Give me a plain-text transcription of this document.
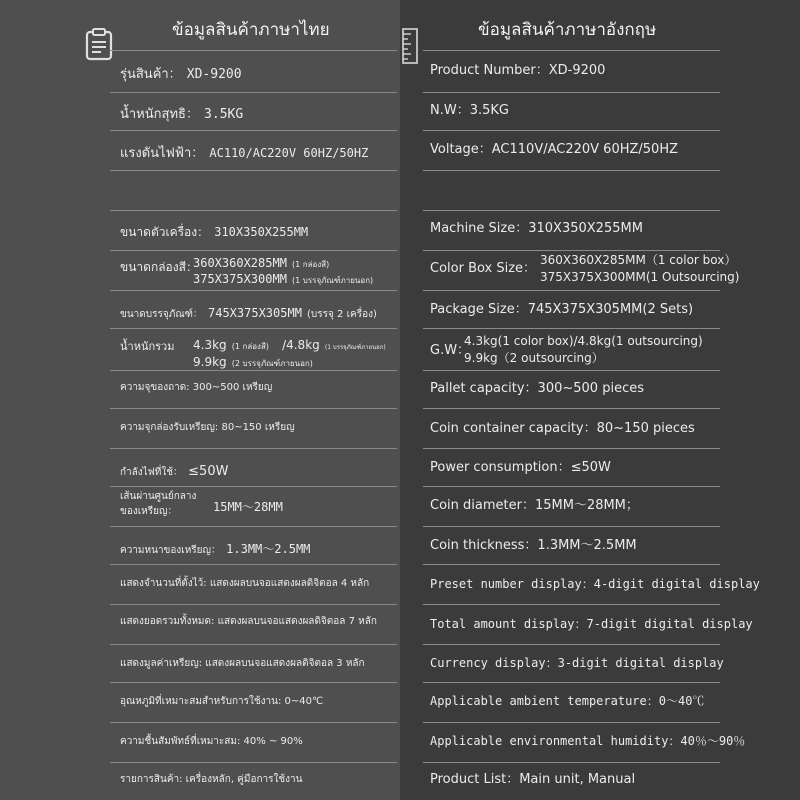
ข้อมูลสินค้าภาษาไทย	ข้อมูลสินค้าภาษาอังกฤษ
รุ่นสินค้า： XD-9200
น้ำหนักสุทธิ： 3.5KG
แรงดันไฟฟ้า： AC110/AC220V 60HZ/50HZ
ขนาดตัวเครื่อง： 310X350X255MM
ขนาดกล่องสี：
360X360X285MM (1 กล่องสี)
375X375X300MM (1 บรรจุภัณฑ์ภายนอก)
ขนาดบรรจุภัณฑ์： 745X375X305MM (บรรจุ 2 เครื่อง)
น้ำหนักรวม	4.3kg (1 กล่องสี) /4.8kg (1 บรรจุภัณฑ์ภายนอก)
9.9kg (2 บรรจุภัณฑ์ภายนอก)
ความจุของถาด: 300~500 เหรียญ
ความจุกล่องรับเหรียญ: 80~150 เหรียญ
กำลังไฟที่ใช้： ≤50W
เส้นผ่านศูนย์กลาง
ของเหรียญ：	15MM～28MM
ความหนาของเหรียญ： 1.3MM～2.5MM
แสดงจำนวนที่ตั้งไว้: แสดงผลบนจอแสดงผลดิจิตอล 4 หลัก
แสดงยอดรวมทั้งหมด: แสดงผลบนจอแสดงผลดิจิตอล 7 หลัก
แสดงมูลค่าเหรียญ: แสดงผลบนจอแสดงผลดิจิตอล 3 หลัก
อุณหภูมิที่เหมาะสมสำหรับการใช้งาน: 0~40℃
ความชื้นสัมพัทธ์ที่เหมาะสม: 40% ~ 90%
รายการสินค้า: เครื่องหลัก, คู่มือการใช้งาน
Product Number：XD-9200
N.W：3.5KG
Voltage：AC110V/AC220V 60HZ/50HZ
Machine Size：310X350X255MM
Color Box Size：
360X360X285MM（1 color box）
375X375X300MM(1 Outsourcing)
Package Size：745X375X305MM(2 Sets)
G.W：
4.3kg(1 color box)/4.8kg(1 outsourcing)
9.9kg（2 outsourcing）
Pallet capacity：300~500 pieces
Coin container capacity：80~150 pieces
Power consumption：≤50W
Coin diameter：15MM～28MM；
Coin thickness：1.3MM～2.5MM
Preset number display：4-digit digital display
Total amount display：7-digit digital display
Currency display：3-digit digital display
Applicable ambient temperature：0～40℃
Applicable environmental humidity：40％～90％
Product List：Main unit, Manual
